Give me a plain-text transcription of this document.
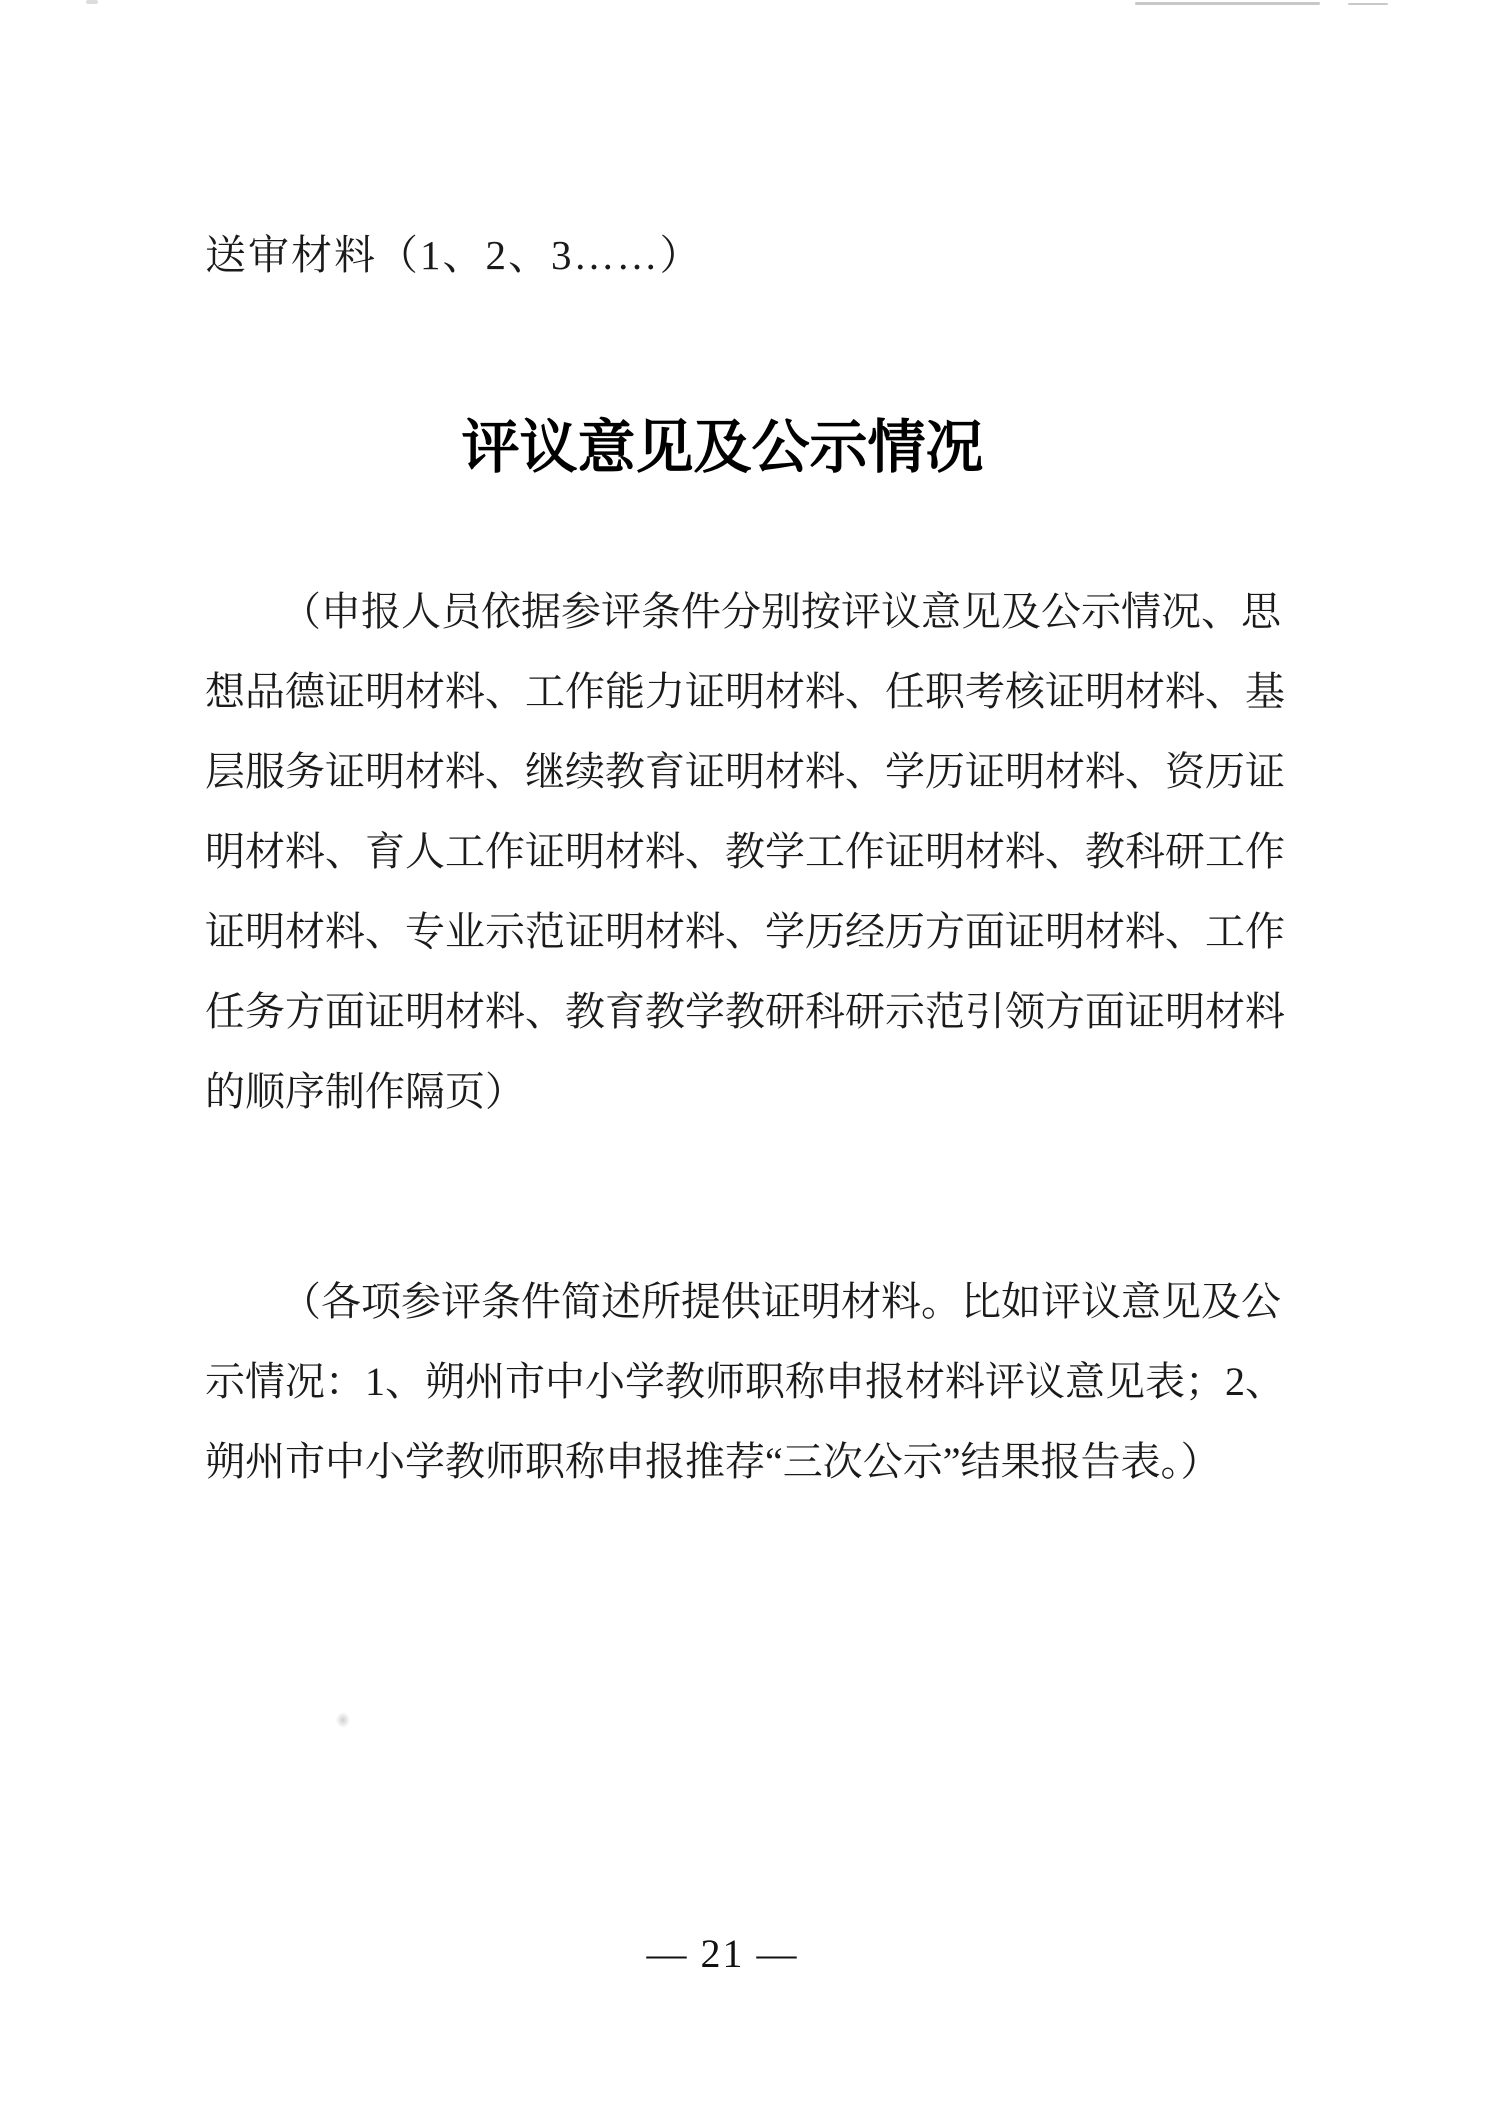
送审材料（1、2、3……）
评议意见及公示情况
（申报人员依据参评条件分别按评议意见及公示情况、思
想品德证明材料、工作能力证明材料、任职考核证明材料、基
层服务证明材料、继续教育证明材料、学历证明材料、资历证
明材料、育人工作证明材料、教学工作证明材料、教科研工作
证明材料、专业示范证明材料、学历经历方面证明材料、工作
任务方面证明材料、教育教学教研科研示范引领方面证明材料
的顺序制作隔页）
（各项参评条件简述所提供证明材料。比如评议意见及公
示情况：1、朔州市中小学教师职称申报材料评议意见表；2、
朔州市中小学教师职称申报推荐“三次公示”结果报告表。）
— 21 —
